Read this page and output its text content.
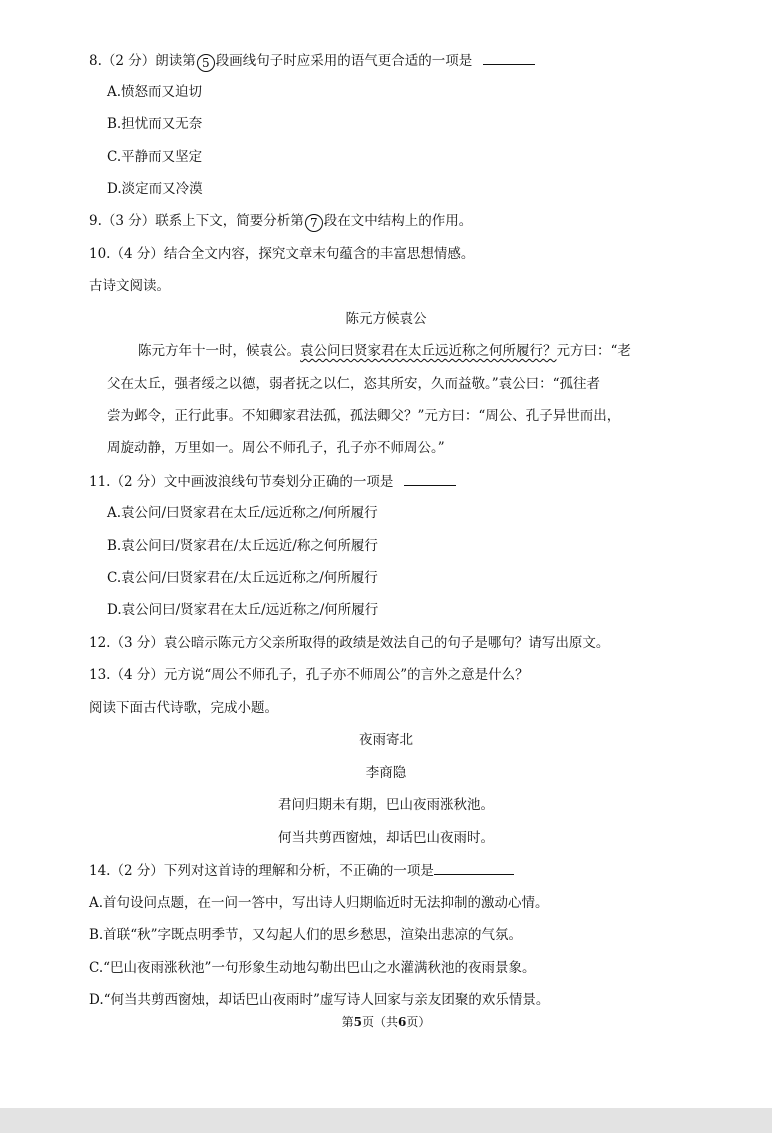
8.（2 分）朗读第 5 段画线句子时应采用的语气更合适的一项是
A.愤怒而又迫切
B.担忧而又无奈
C.平静而又坚定
D.淡定而又冷漠
9.（3 分）联系上下文，简要分析第 7 段在文中结构上的作用。
10.（4 分）结合全文内容，探究文章末句蕴含的丰富思想情感。
古诗文阅读。
陈元方候袁公
陈元方年十一时，候袁公。袁公问曰贤家君在太丘远近称之何所履行？元方曰：“老
父在太丘，强者绥之以德，弱者抚之以仁，恣其所安，久而益敬。”袁公曰：“孤往者
尝为邺令，正行此事。不知卿家君法孤，孤法卿父？”元方曰：“周公、孔子异世而出，
周旋动静，万里如一。周公不师孔子，孔子亦不师周公。”
11.（2 分）文中画波浪线句节奏划分正确的一项是
A.袁公问/曰贤家君在太丘/远近称之/何所履行
B.袁公问曰/贤家君在/太丘远近/称之何所履行
C.袁公问/曰贤家君在/太丘远近称之/何所履行
D.袁公问曰/贤家君在太丘/远近称之/何所履行
12.（3 分）袁公暗示陈元方父亲所取得的政绩是效法自己的句子是哪句？请写出原文。
13.（4 分）元方说“周公不师孔子，孔子亦不师周公”的言外之意是什么？
阅读下面古代诗歌，完成小题。
夜雨寄北
李商隐
君问归期未有期，巴山夜雨涨秋池。
何当共剪西窗烛，却话巴山夜雨时。
14.（2 分）下列对这首诗的理解和分析，不正确的一项是
A.首句设问点题，在一问一答中，写出诗人归期临近时无法抑制的激动心情。
B.首联“秋”字既点明季节，又勾起人们的思乡愁思，渲染出悲凉的气氛。
C.“巴山夜雨涨秋池”一句形象生动地勾勒出巴山之水灌满秋池的夜雨景象。
D.“何当共剪西窗烛，却话巴山夜雨时”虚写诗人回家与亲友团聚的欢乐情景。
第5页（共6页）
